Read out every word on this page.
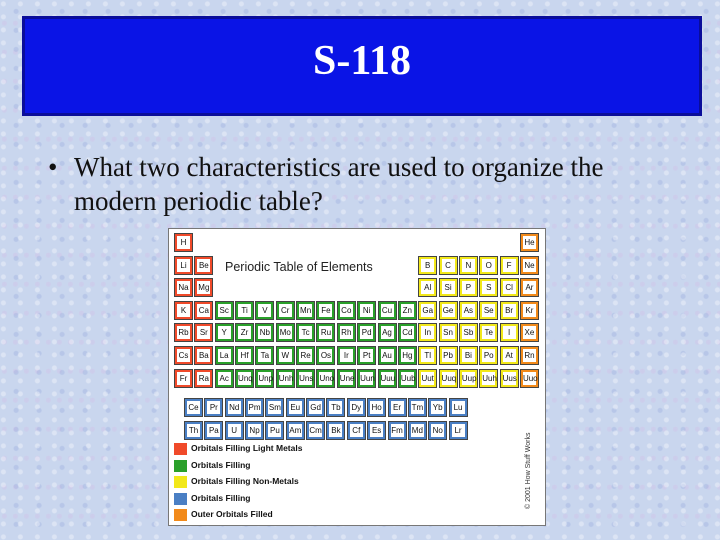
S-118
• What two characteristics are used to organize the modern periodic table?
Periodic Table of Elements
H	He
Li	Be	B	C	N	O	F	Ne
Na Mg	Al	Si	P	S	Cl	Ar
K	Ca Sc	Ti	V	Cr Mn Fe Co	Ni	Cu Zn Ga Ge As Se	Br	Kr
Rb	Sr	Y	Zr	Nb Mo	Tc	Ru Rh Pd Ag Cd	In	Sn Sb Te	I	Xe
Cs Ba La	Hf	Ta	W	Re Os	Ir	Pt	Au Hg	Tl	Pb	Bi	Po	At	Rn
Fr	Ra Ac Unq Unp Unh Uns Uno Une Uun Uuu Uub Uut Uuq Uup Uuh Uus Uuo
Ce	Pr	Nd Pm Sm Eu Gd Tb Dy Ho	Er	Tm Yb Lu
Th Pa	U	Np Pu Am Cm Bk	Cf	Es Fm Md No	Lr
Orbitals Filling Light Metals
Orbitals Filling
Orbitals Filling Non-Metals
Orbitals Filling
Outer Orbitals Filled
© 2001 How Stuff Works
